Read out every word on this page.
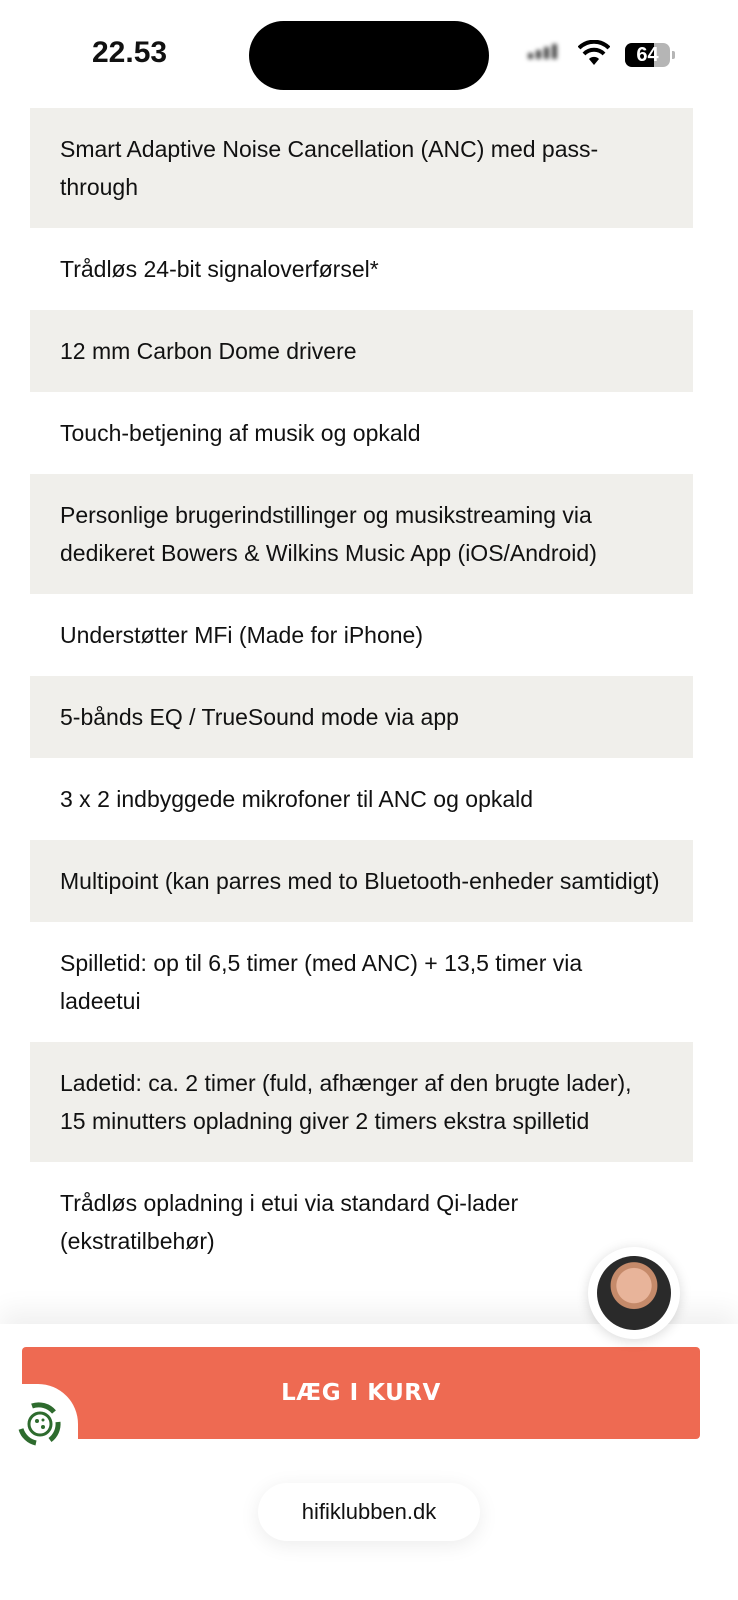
22.53	64
Smart Adaptive Noise Cancellation (ANC) med pass-through
Trådløs 24-bit signaloverførsel*
12 mm Carbon Dome drivere
Touch-betjening af musik og opkald
Personlige brugerindstillinger og musikstreaming via dedikeret Bowers & Wilkins Music App (iOS/Android)
Understøtter MFi (Made for iPhone)
5-bånds EQ / TrueSound mode via app
3 x 2 indbyggede mikrofoner til ANC og opkald
Multipoint (kan parres med to Bluetooth-enheder samtidigt)
Spilletid: op til 6,5 timer (med ANC) + 13,5 timer via ladeetui
Ladetid: ca. 2 timer (fuld, afhænger af den brugte lader), 15 minutters opladning giver 2 timers ekstra spilletid
Trådløs opladning i etui via standard Qi-lader (ekstratilbehør)
LÆG I KURV
hifiklubben.dk
